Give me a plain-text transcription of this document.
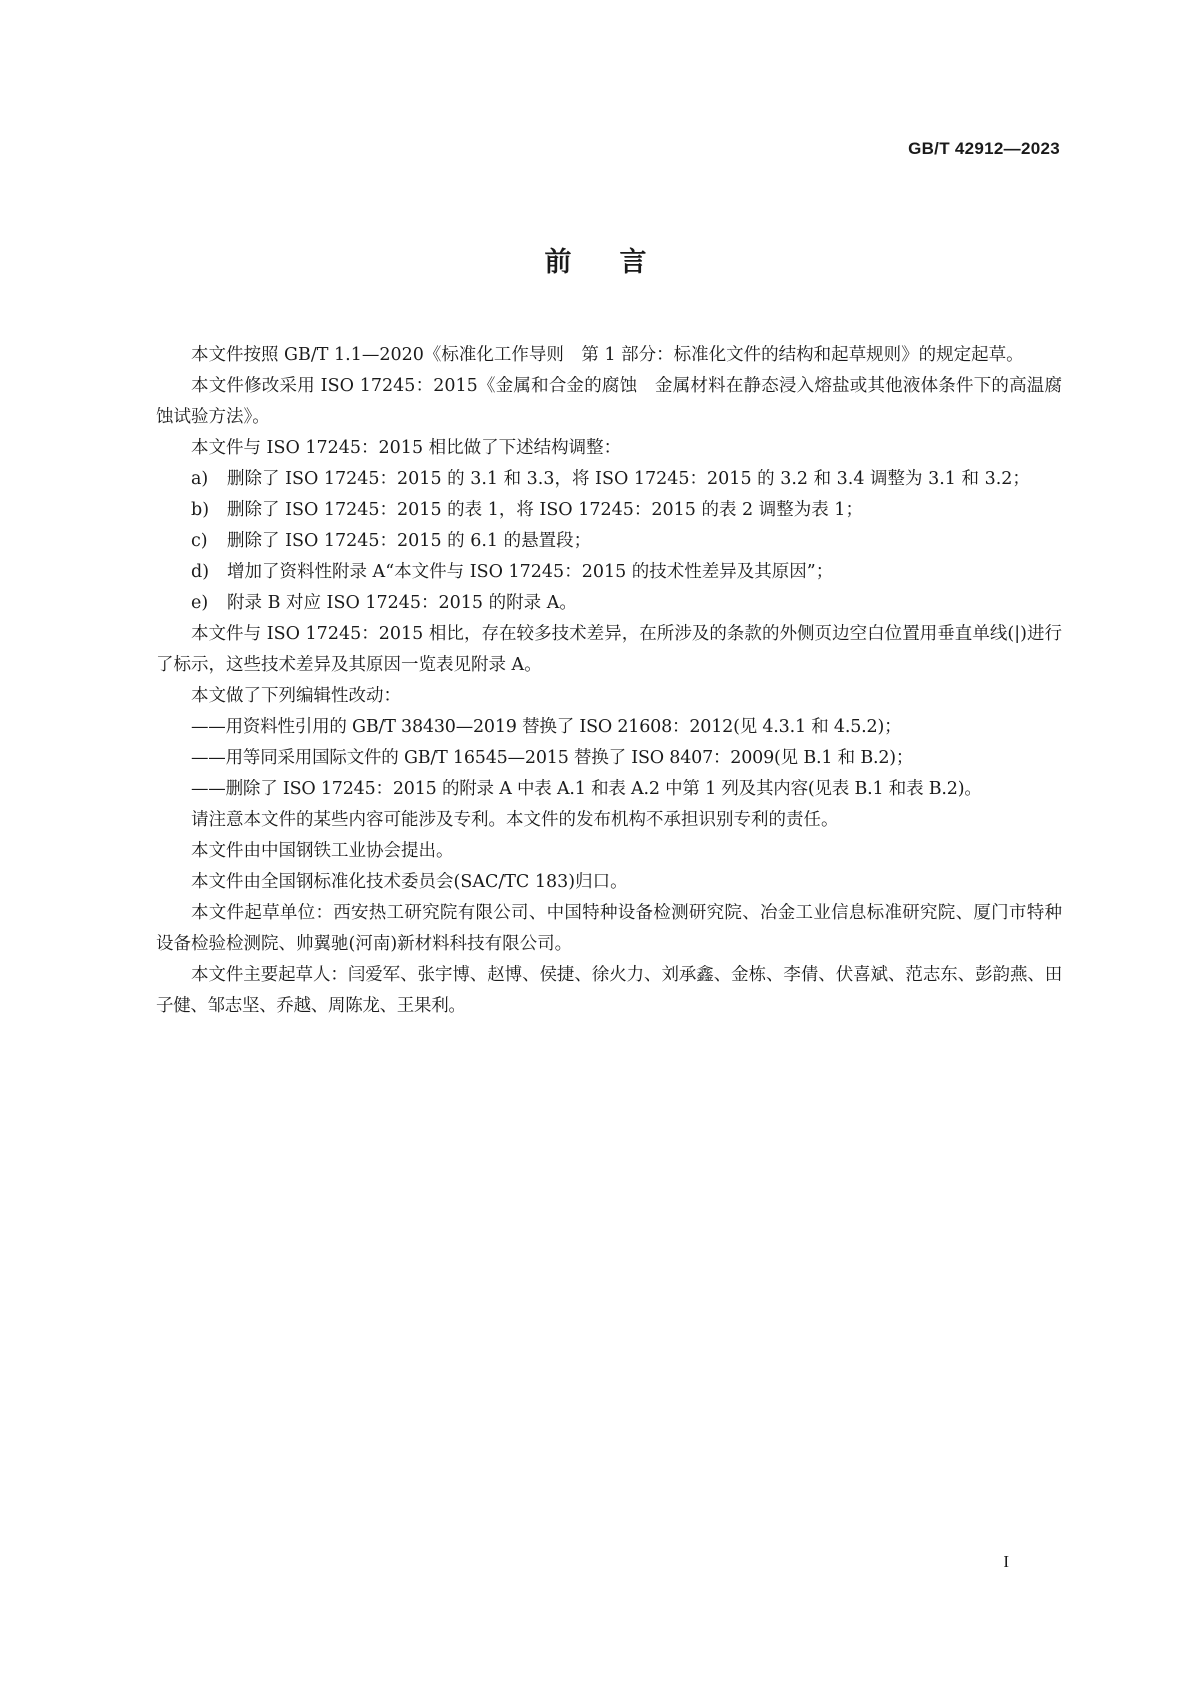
GB/T 42912—2023
前言

本文件按照 GB/T 1.1—2020《标准化工作导则　第 1 部分：标准化文件的结构和起草规则》的规定起草。

本文件修改采用 ISO 17245：2015《金属和合金的腐蚀　金属材料在静态浸入熔盐或其他液体条件下的高温腐蚀试验方法》。

本文件与 ISO 17245：2015 相比做了下述结构调整：

a) 删除了 ISO 17245：2015 的 3.1 和 3.3，将 ISO 17245：2015 的 3.2 和 3.4 调整为 3.1 和 3.2；

b) 删除了 ISO 17245：2015 的表 1，将 ISO 17245：2015 的表 2 调整为表 1；

c) 删除了 ISO 17245：2015 的 6.1 的悬置段；

d) 增加了资料性附录 A“本文件与 ISO 17245：2015 的技术性差异及其原因”；

e) 附录 B 对应 ISO 17245：2015 的附录 A。

本文件与 ISO 17245：2015 相比，存在较多技术差异，在所涉及的条款的外侧页边空白位置用垂直单线(|)进行了标示，这些技术差异及其原因一览表见附录 A。

本文做了下列编辑性改动：

——用资料性引用的 GB/T 38430—2019 替换了 ISO 21608：2012(见 4.3.1 和 4.5.2)；

——用等同采用国际文件的 GB/T 16545—2015 替换了 ISO 8407：2009(见 B.1 和 B.2)；

——删除了 ISO 17245：2015 的附录 A 中表 A.1 和表 A.2 中第 1 列及其内容(见表 B.1 和表 B.2)。

请注意本文件的某些内容可能涉及专利。本文件的发布机构不承担识别专利的责任。

本文件由中国钢铁工业协会提出。

本文件由全国钢标准化技术委员会(SAC/TC 183)归口。

本文件起草单位：西安热工研究院有限公司、中国特种设备检测研究院、冶金工业信息标准研究院、厦门市特种设备检验检测院、帅翼驰(河南)新材料科技有限公司。

本文件主要起草人：闫爱军、张宇博、赵博、侯捷、徐火力、刘承鑫、金栋、李倩、伏喜斌、范志东、彭韵燕、田子健、邹志坚、乔越、周陈龙、王果利。

I
